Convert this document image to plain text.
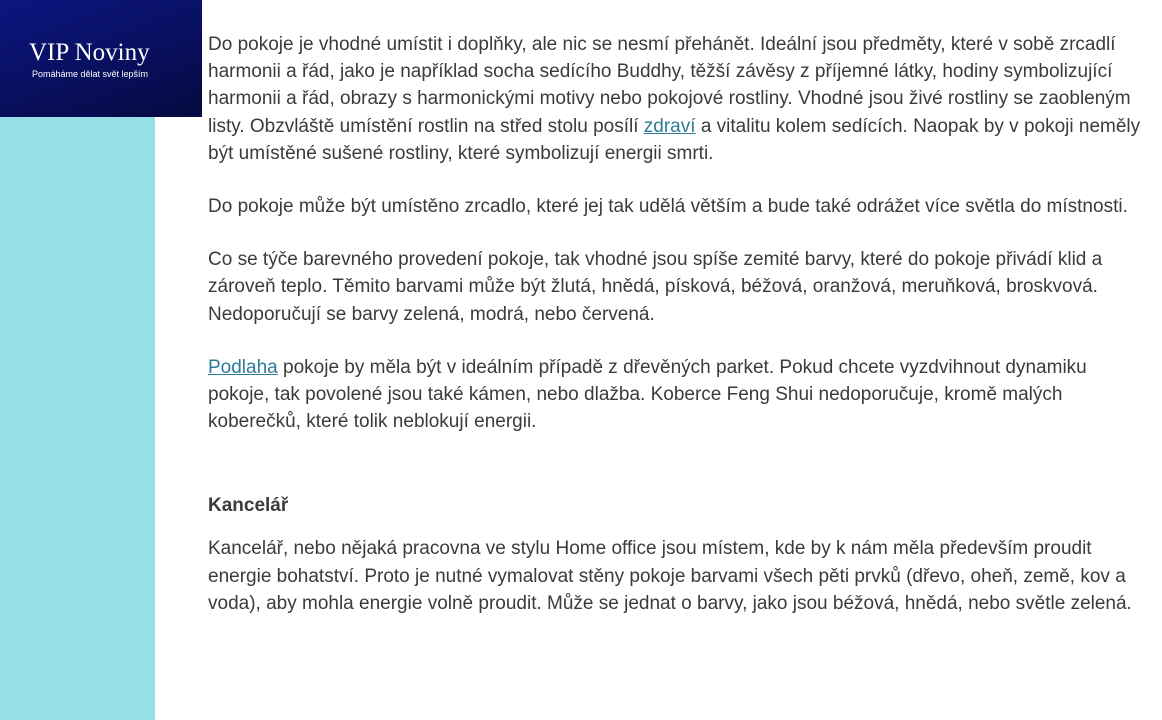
VIP Noviny
Pomáháme dělat svět lepším

Do pokoje je vhodné umístit i doplňky, ale nic se nesmí přehánět. Ideální jsou předměty, které v sobě zrcadlí harmonii a řád, jako je například socha sedícího Buddhy, těžší závěsy z příjemné látky, hodiny symbolizující harmonii a řád, obrazy s harmonickými motivy nebo pokojové rostliny. Vhodné jsou živé rostliny se zaobleným listy. Obzvláště umístění rostlin na střed stolu posílí zdraví a vitalitu kolem sedících. Naopak by v pokoji neměly být umístěné sušené rostliny, které symbolizují energii smrti.

Do pokoje může být umístěno zrcadlo, které jej tak udělá větším a bude také odrážet více světla do místnosti.

Co se týče barevného provedení pokoje, tak vhodné jsou spíše zemité barvy, které do pokoje přivádí klid a zároveň teplo. Těmito barvami může být žlutá, hnědá, písková, béžová, oranžová, meruňková, broskvová. Nedoporučují se barvy zelená, modrá, nebo červená.

Podlaha pokoje by měla být v ideálním případě z dřevěných parket. Pokud chcete vyzdvihnout dynamiku pokoje, tak povolené jsou také kámen, nebo dlažba. Koberce Feng Shui nedoporučuje, kromě malých koberečků, které tolik neblokují energii.

Kancelář

Kancelář, nebo nějaká pracovna ve stylu Home office jsou místem, kde by k nám měla především proudit energie bohatství. Proto je nutné vymalovat stěny pokoje barvami všech pěti prvků (dřevo, oheň, země, kov a voda), aby mohla energie volně proudit. Může se jednat o barvy, jako jsou béžová, hnědá, nebo světle zelená.
